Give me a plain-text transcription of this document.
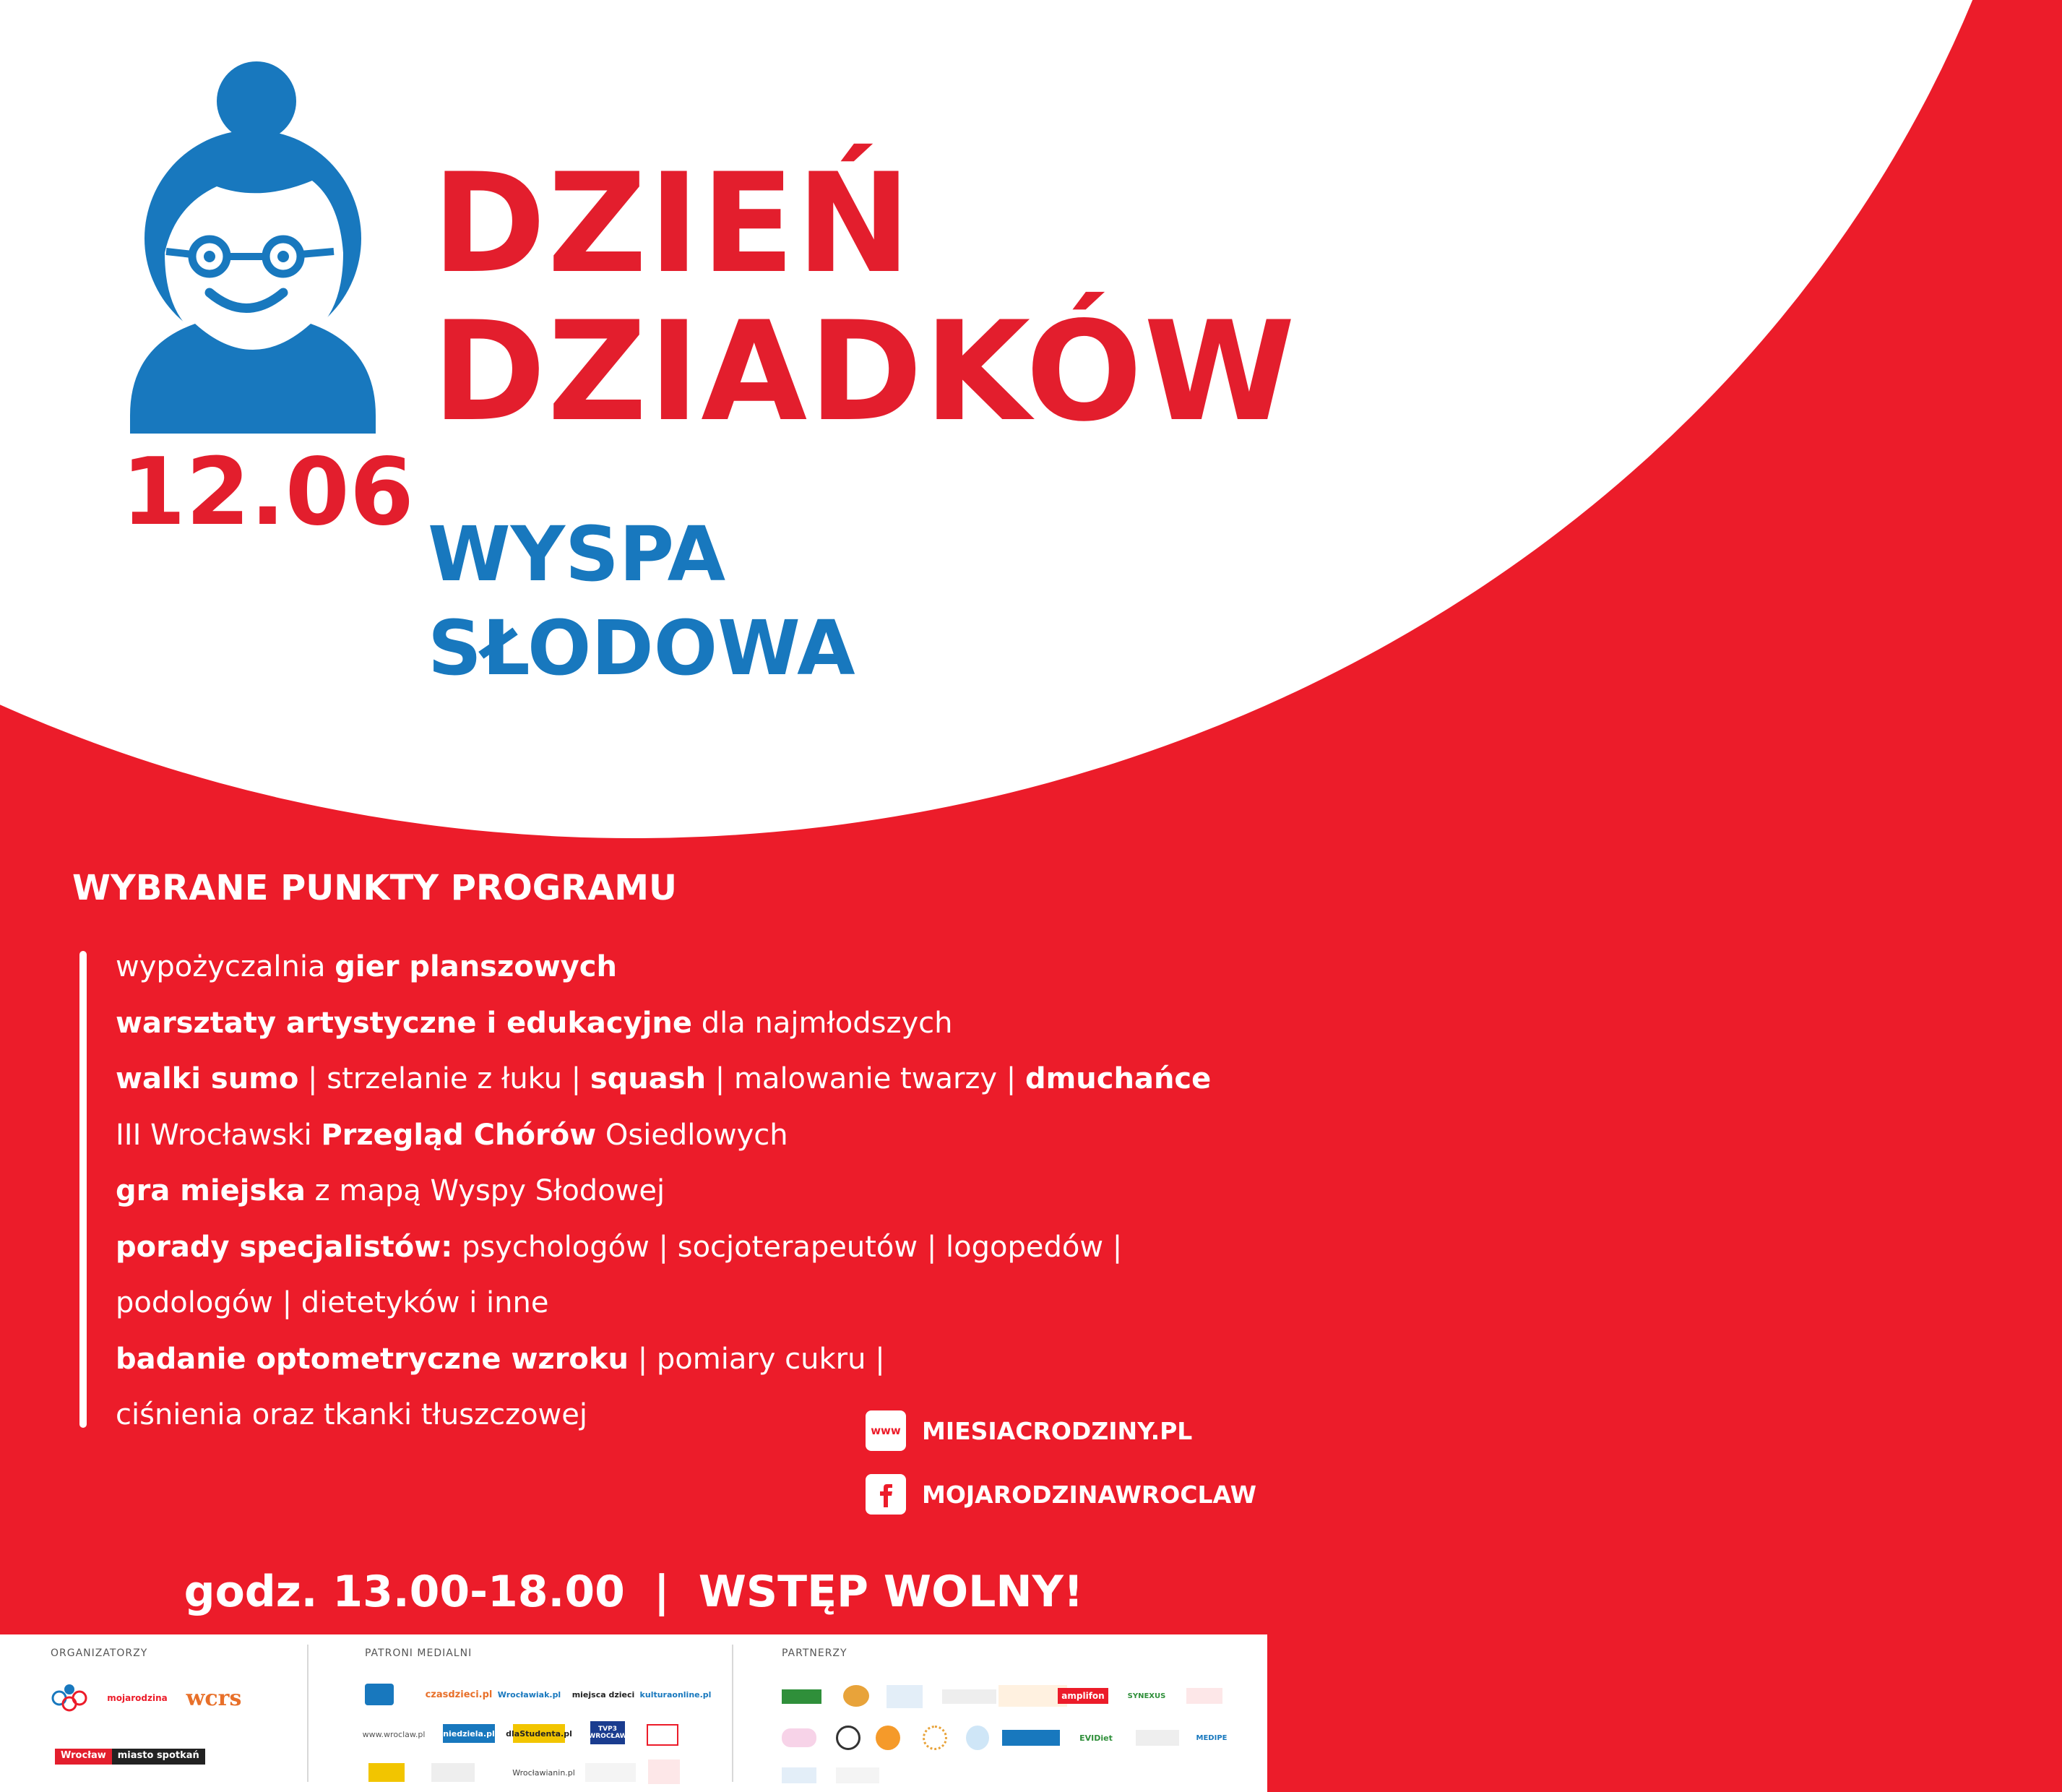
DZIEŃ
DZIADKÓW
12.06
WYSPA
SŁODOWA
WYBRANE PUNKTY PROGRAMU
wypożyczalnia gier planszowych
warsztaty artystyczne i edukacyjne dla najmłodszych
walki sumo | strzelanie z łuku | squash | malowanie twarzy | dmuchańce
III Wrocławski Przegląd Chórów Osiedlowych
gra miejska z mapą Wyspy Słodowej
porady specjalistów: psychologów | socjoterapeutów | logopedów |
podologów | dietetyków i inne
badanie optometryczne wzroku | pomiary cukru |
ciśnienia oraz tkanki tłuszczowej	www MIESIACRODZINY.PL
MOJARODZINAWROCLAW
godz. 13.00-18.00 | WSTĘP WOLNY!
ORGANIZATORZY
mojarodzina wcrs
Wrocław	miasto spotkań
PATRONI MEDIALNI
czasdzieci.pl Wrocławiak.pl	miejsca dzieci kulturaonline.pl
www.wroclaw.pl niedziela.pl dlaStudenta.pl	TVP3 WROCŁAW
Wrocławianin.pl
PARTNERZY
amplifon	SYNEXUS
EVIDiet	MEDIPE
